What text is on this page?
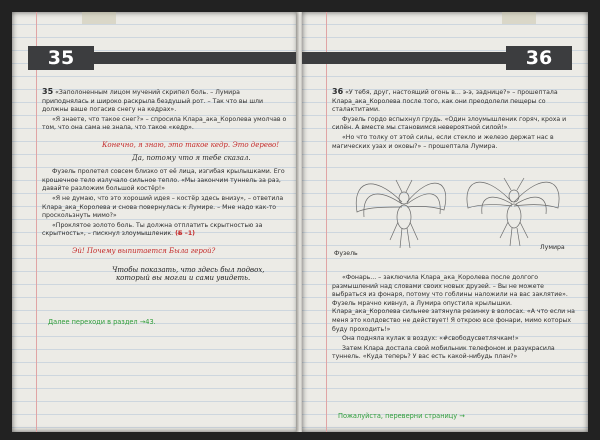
35

35 «Заполоненным лицом мучений скрипел боль. – Лумира приподнялась и широко раскрыла бездушый рот. – Так что вы шли должны ваше погасив снегу на кедрах».

«Я знаете, что такое снег?» – спросила Клара_ака_Королева умолчав о том, что она сама не знала, что такое «кедр».

Конечно, я знаю, это такое кедр. Это дерево!
Да, потому что я тебе сказал.

Фузель пролетел совсем близко от её лица, изгибая крылышками. Его крошечное тело излучало сильное тепло. «Мы закончим туннель за раз, давайте разложим большой костёр!»

«Я не думаю, что это хороший идея – костёр здесь внизу», – ответила Клара_ака_Королева и снова повернулась к Лумире. – Мне надо как-то проскользнуть мимо?»

«Проклятое золото боль. Ты должна отплатить скрытностью за скрытность», – пискнул злоумышленик. (Б̶ –1)

Эй! Почему выпитается Была герой?
Чтобы показать, что здесь был подвох,
который вы могли и сами увидеть.
Далее переходи в раздел →43.
36

36 «У тебя, друг, настоящий огонь в... э-э, заднице?» – прошептала Клара_ака_Королева после того, как они преодолели пещеры со сталактитами.

Фузель гордо вспыхнул грудь. «Один злоумышленик горяч, кроха и силён. А вместе мы становимся невероятной силой!»

«Но что толку от этой силы, если стекло и железо держат нас в магических узах и оковы?» – прошептала Лумира.

Фузель
Лумира

«Фонарь... – заключила Клара_ака_Королева после долгого размышлений над словами своих новых друзей. – Вы не можете выбраться из фонаря, потому что гоблины наложили на вас заклятие». Фузель мрачно кивнул, а Лумира опустила крылышки. Клара_ака_Королева сильнее затянула резинку в волосах. «А что если на меня это колдовство не действует! Я открою все фонари, мимо которых буду проходить!»

Она подняла кулак в воздух: «#свободусветлячкам!»

Затем Клара достала свой мобильник телефоном и разукрасила туннель. «Куда теперь? У вас есть какой-нибудь план?»

Пожалуйста, переверни страницу →
